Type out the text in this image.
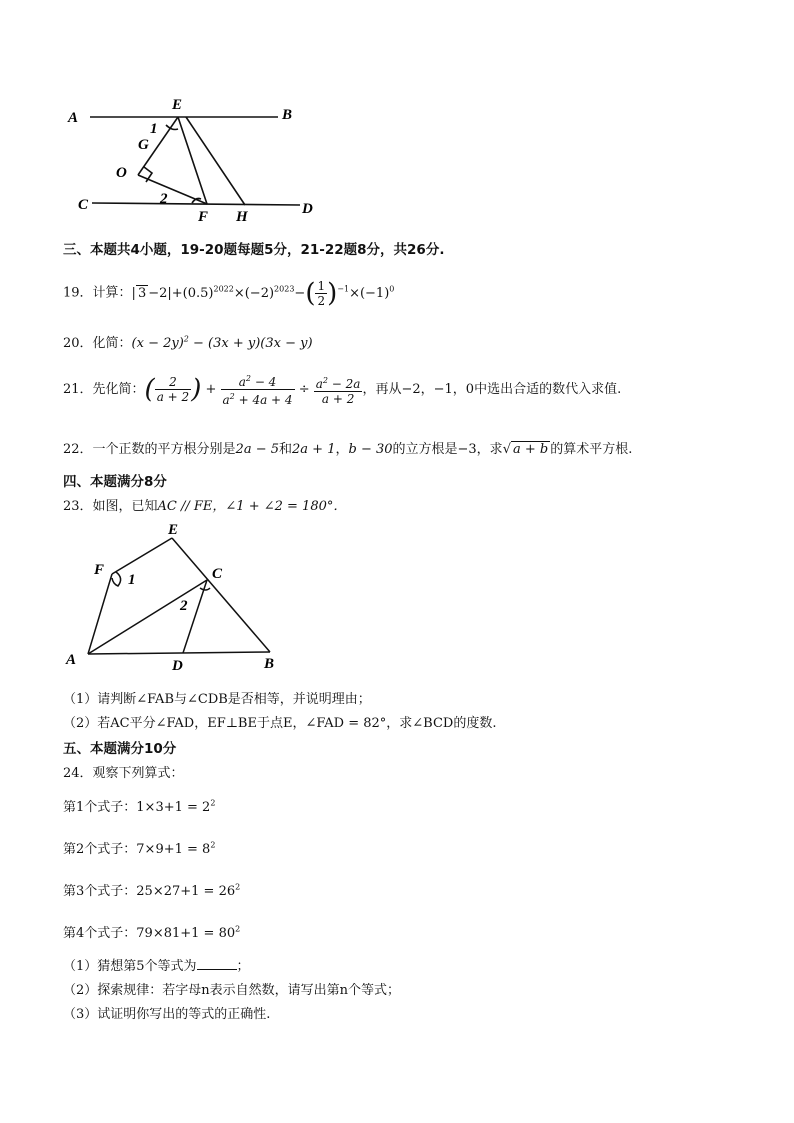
A
E
B
1
G
O
C	2
F H	D
三、本题共4小题，19-20题每题5分，21-22题8分，共26分.
19．计算：| $3 -2|+(0.5)^{2022}\times(-2)^{2023}-( \frac{1}{2} )^{-1}\times(-1)^0$
20．化简：$(x - 2y)^2 - (3x + y)(3x - y)$
21．先化简：( $\frac{2}{a + 2}$ ) + $\frac{a^2 - 4}{a^2 + 4a + 4} \div \frac{a^2 - 2a}{a + 2}$ ，再从−2，−1，0中选出合适的数代入求值.
22．一个正数的平方根分别是2a − 5和2a + 1，b − 30的立方根是−3，求√ a + b 的算术平方根.
四、本题满分8分
23．如图，已知AC // FE，∠1 + ∠2 = 180°．
E
F
1	C
2
A	D	B
（1）请判断∠FAB与∠CDB是否相等，并说明理由；
（2）若AC平分∠FAD，EF⊥BE于点E，∠FAD = 82°，求∠BCD的度数.
五、本题满分10分
24．观察下列算式：
第1个式子：$1\times 3+1 = 2^2$
第2个式子：$7\times 9+1 = 8^2$
第3个式子：$25\times 27+1 = 26^2$
第4个式子：$79\times 81+1 = 80^2$
（1）猜想第5个等式为	；
（2）探索规律：若字母n表示自然数，请写出第n个等式；
（3）试证明你写出的等式的正确性.
